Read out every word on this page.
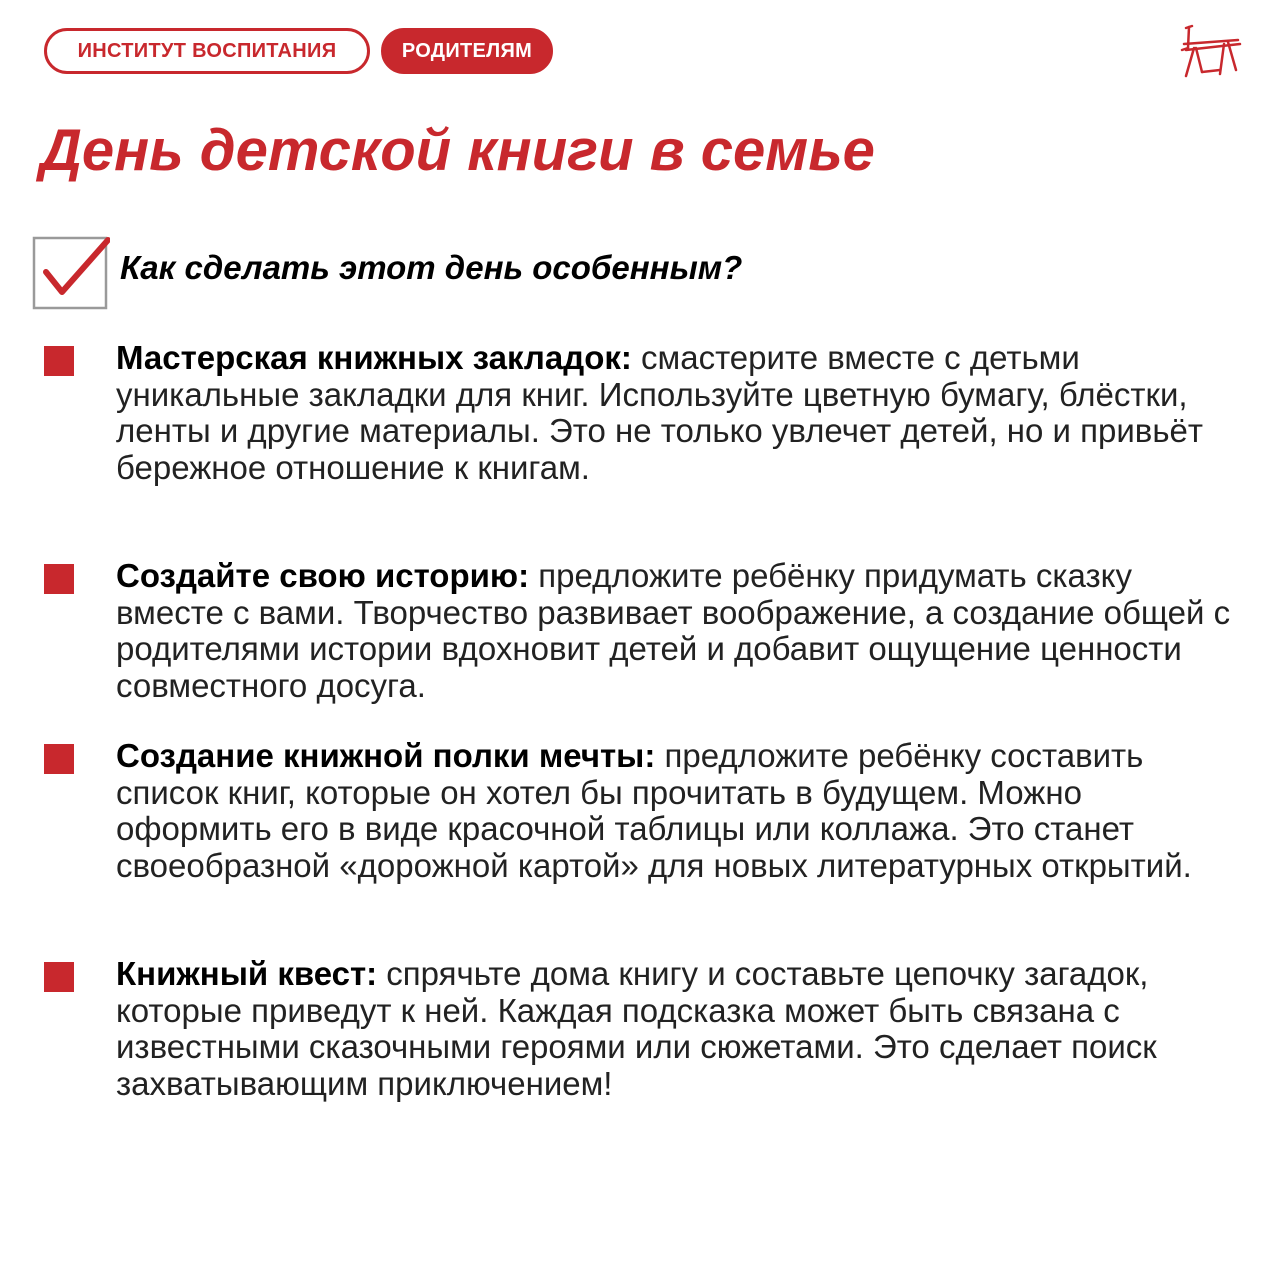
ИНСТИТУТ ВОСПИТАНИЯ	РОДИТЕЛЯМ
День детской книги в семье
Как сделать этот день особенным?

Мастерская книжных закладок: смастерите вместе с детьми уникальные закладки для книг. Используйте цветную бумагу, блёстки, ленты и другие материалы. Это не только увлечет детей, но и привьёт бережное отношение к книгам.

Создайте свою историю: предложите ребёнку придумать сказку вместе с вами. Творчество развивает воображение, а создание общей с родителями истории вдохновит детей и добавит ощущение ценности совместного досуга.

Создание книжной полки мечты: предложите ребёнку составить список книг, которые он хотел бы прочитать в будущем. Можно оформить его в виде красочной таблицы или коллажа. Это станет своеобразной «дорожной картой» для новых литературных открытий.

Книжный квест: спрячьте дома книгу и составьте цепочку загадок, которые приведут к ней. Каждая подсказка может быть связана с известными сказочными героями или сюжетами. Это сделает поиск захватывающим приключением!
